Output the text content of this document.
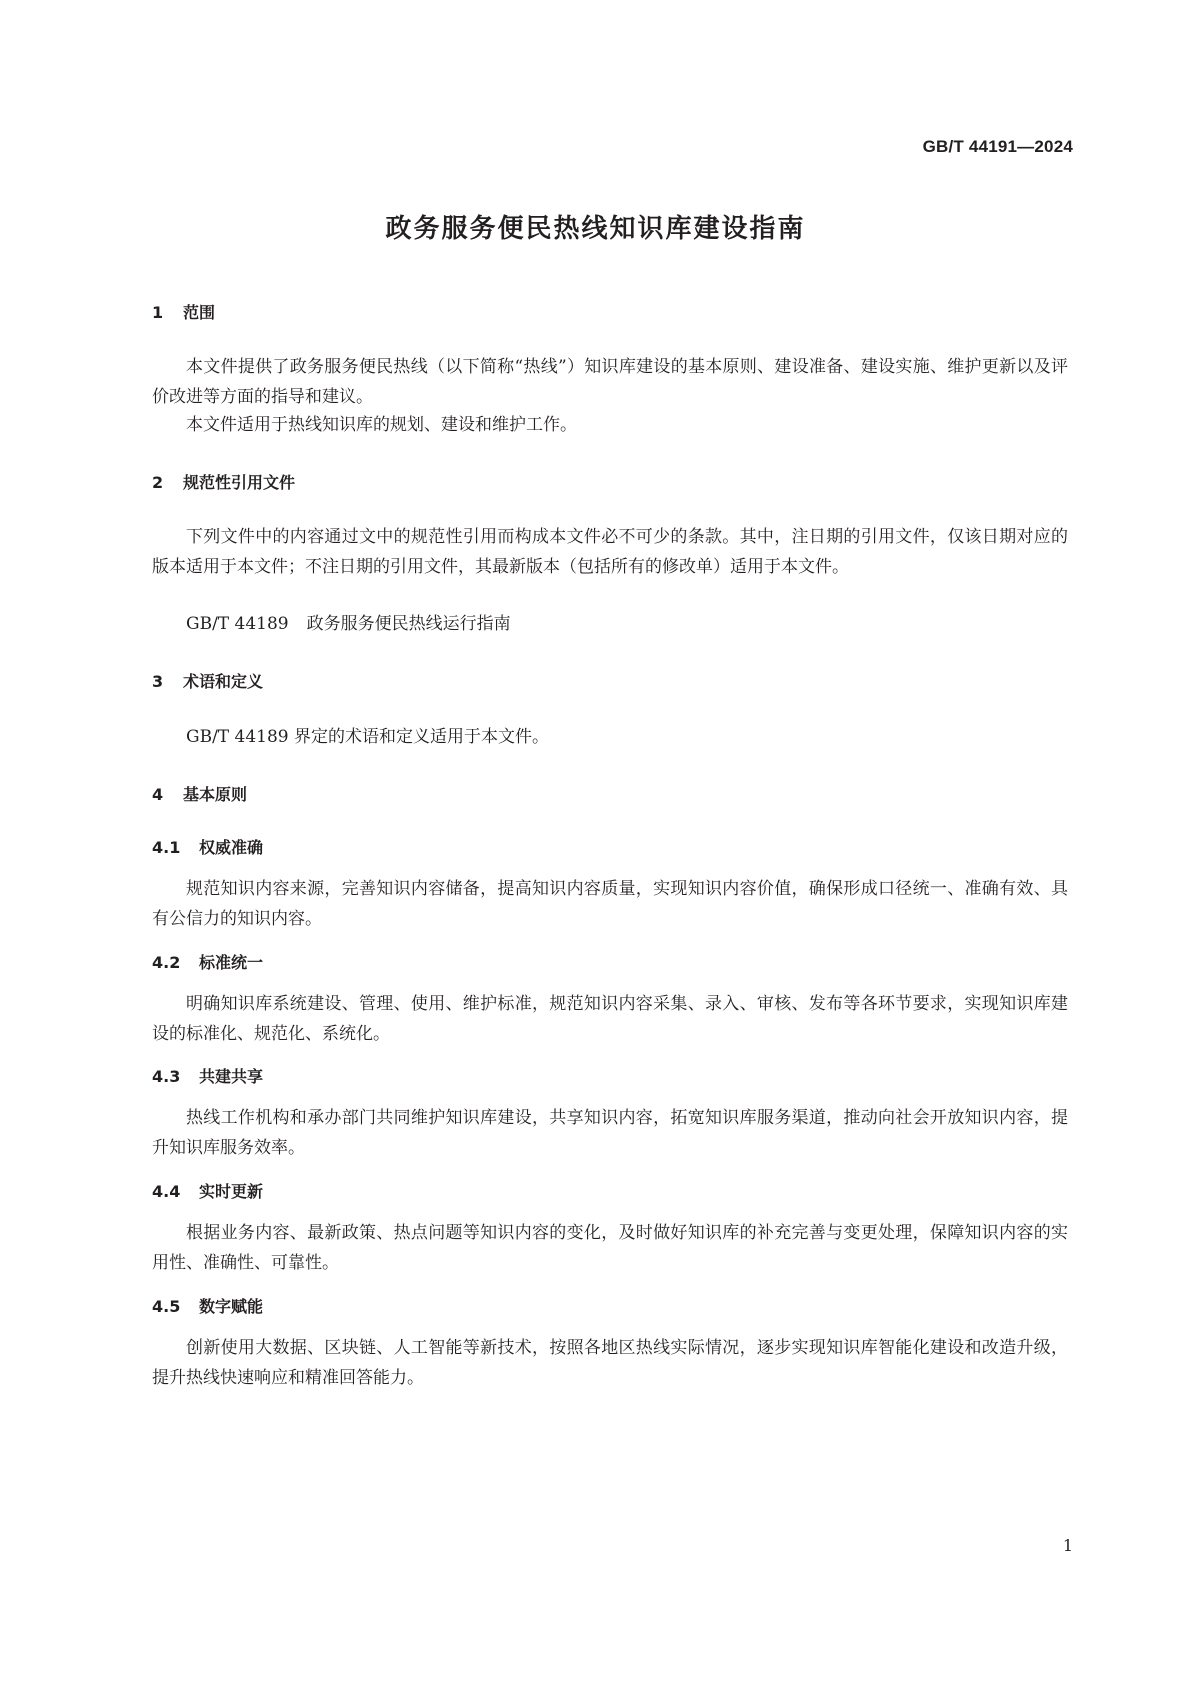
GB/T 44191—2024
政务服务便民热线知识库建设指南
1 范围

本文件提供了政务服务便民热线（以下简称“热线”）知识库建设的基本原则、建设准备、建设实施、维护更新以及评价改进等方面的指导和建议。

本文件适用于热线知识库的规划、建设和维护工作。

2 规范性引用文件

下列文件中的内容通过文中的规范性引用而构成本文件必不可少的条款。其中，注日期的引用文件，仅该日期对应的版本适用于本文件；不注日期的引用文件，其最新版本（包括所有的修改单）适用于本文件。

GB/T 44189 政务服务便民热线运行指南

3 术语和定义

GB/T 44189 界定的术语和定义适用于本文件。

4 基本原则
4.1 权威准确

规范知识内容来源，完善知识内容储备，提高知识内容质量，实现知识内容价值，确保形成口径统一、准确有效、具有公信力的知识内容。

4.2 标准统一

明确知识库系统建设、管理、使用、维护标准，规范知识内容采集、录入、审核、发布等各环节要求，实现知识库建设的标准化、规范化、系统化。

4.3 共建共享

热线工作机构和承办部门共同维护知识库建设，共享知识内容，拓宽知识库服务渠道，推动向社会开放知识内容，提升知识库服务效率。

4.4 实时更新

根据业务内容、最新政策、热点问题等知识内容的变化，及时做好知识库的补充完善与变更处理，保障知识内容的实用性、准确性、可靠性。

4.5 数字赋能

创新使用大数据、区块链、人工智能等新技术，按照各地区热线实际情况，逐步实现知识库智能化建设和改造升级，提升热线快速响应和精准回答能力。

1
